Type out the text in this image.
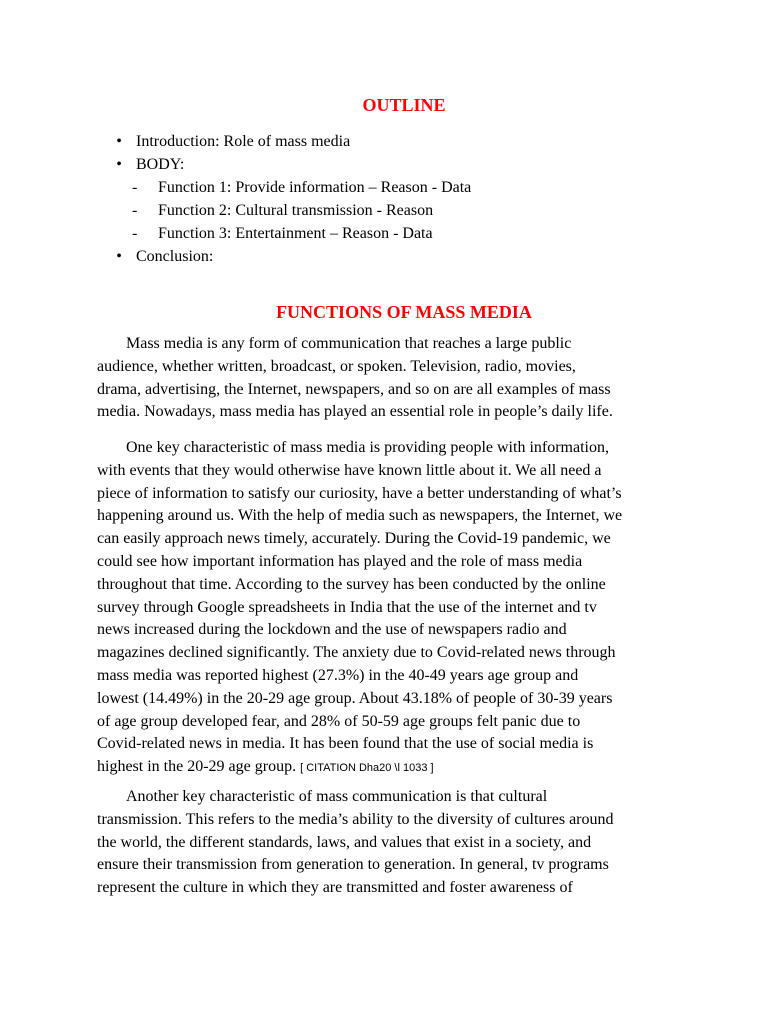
OUTLINE
• Introduction: Role of mass media
• BODY:
- Function 1: Provide information – Reason - Data
- Function 2: Cultural transmission - Reason
- Function 3: Entertainment – Reason - Data
• Conclusion:
FUNCTIONS OF MASS MEDIA

Mass media is any form of communication that reaches a large public
audience, whether written, broadcast, or spoken. Television, radio, movies,
drama, advertising, the Internet, newspapers, and so on are all examples of mass
media. Nowadays, mass media has played an essential role in people’s daily life.

One key characteristic of mass media is providing people with information,
with events that they would otherwise have known little about it. We all need a
piece of information to satisfy our curiosity, have a better understanding of what’s
happening around us. With the help of media such as newspapers, the Internet, we
can easily approach news timely, accurately. During the Covid-19 pandemic, we
could see how important information has played and the role of mass media
throughout that time. According to the survey has been conducted by the online
survey through Google spreadsheets in India that the use of the internet and tv
news increased during the lockdown and the use of newspapers radio and
magazines declined significantly. The anxiety due to Covid-related news through
mass media was reported highest (27.3%) in the 40-49 years age group and
lowest (14.49%) in the 20-29 age group. About 43.18% of people of 30-39 years
of age group developed fear, and 28% of 50-59 age groups felt panic due to
Covid-related news in media. It has been found that the use of social media is
highest in the 20-29 age group. [ CITATION Dha20 \l 1033 ]

Another key characteristic of mass communication is that cultural
transmission. This refers to the media’s ability to the diversity of cultures around
the world, the different standards, laws, and values that exist in a society, and
ensure their transmission from generation to generation. In general, tv programs
represent the culture in which they are transmitted and foster awareness of
